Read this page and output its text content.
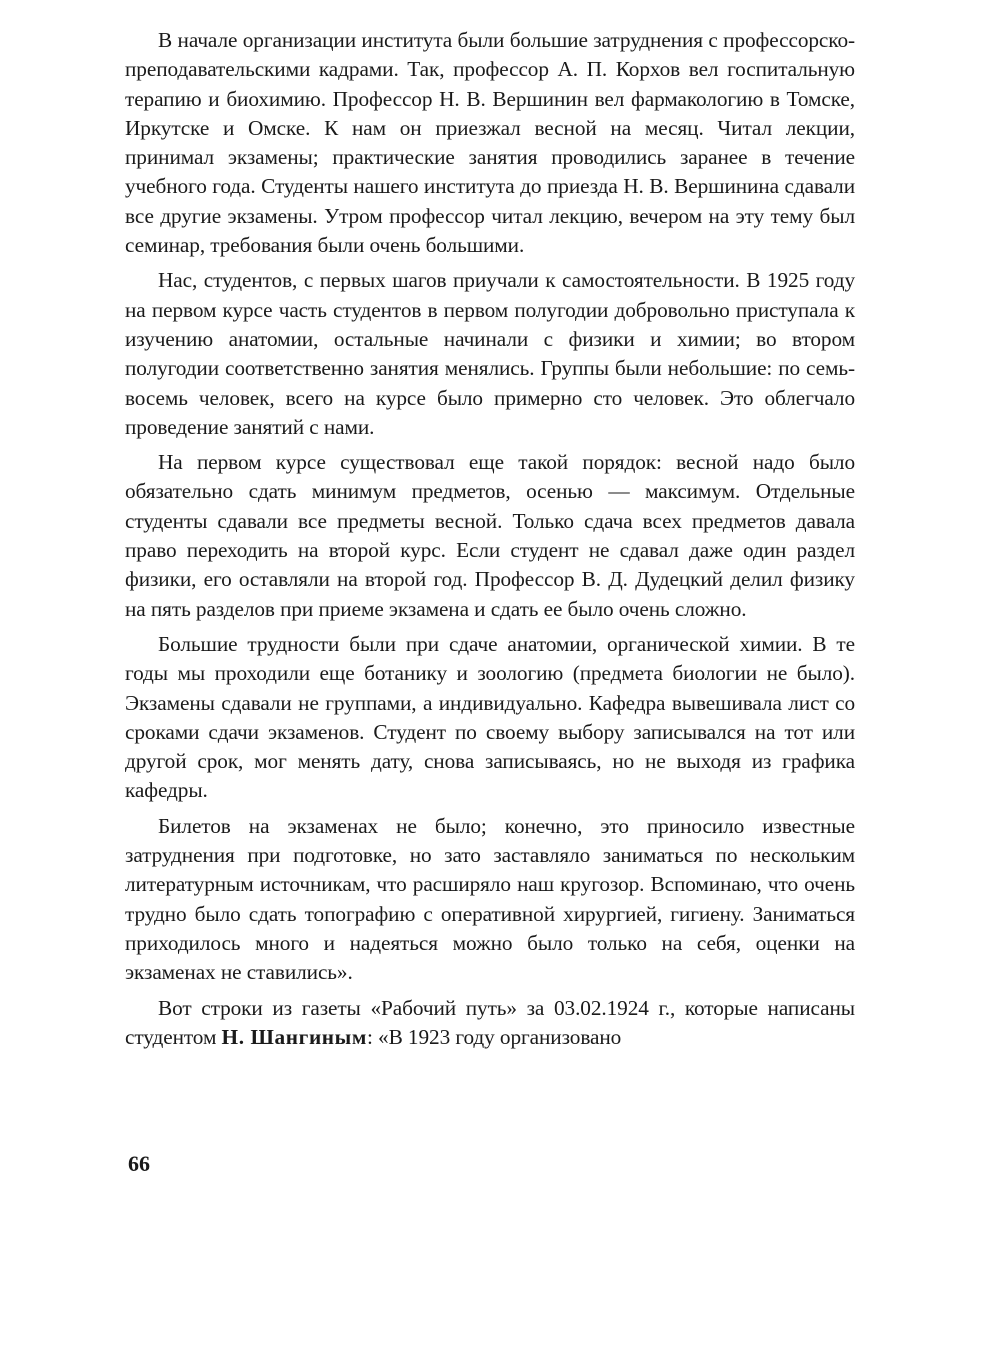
В начале организации института были большие затруднения с профессорско-преподавательскими кадрами. Так, профессор А. П. Корхов вел госпитальную терапию и биохимию. Профессор Н. В. Вершинин вел фармакологию в Томске, Иркутске и Омске. К нам он приезжал весной на месяц. Читал лекции, принимал экзамены; практические занятия проводились заранее в течение учебного года. Студенты нашего института до приезда Н. В. Вершинина сдавали все другие экзамены. Утром профессор читал лекцию, вечером на эту тему был семинар, требования были очень большими.

Нас, студентов, с первых шагов приучали к самостоятельности. В 1925 году на первом курсе часть студентов в первом полугодии добровольно приступала к изучению анатомии, остальные начинали с физики и химии; во втором полугодии соответственно занятия менялись. Группы были небольшие: по семь-восемь человек, всего на курсе было примерно сто человек. Это облегчало проведение занятий с нами.

На первом курсе существовал еще такой порядок: весной надо было обязательно сдать минимум предметов, осенью — максимум. Отдельные студенты сдавали все предметы весной. Только сдача всех предметов давала право переходить на второй курс. Если студент не сдавал даже один раздел физики, его оставляли на второй год. Профессор В. Д. Дудецкий делил физику на пять разделов при приеме экзамена и сдать ее было очень сложно.

Большие трудности были при сдаче анатомии, органической химии. В те годы мы проходили еще ботанику и зоологию (предмета биологии не было). Экзамены сдавали не группами, а индивидуально. Кафедра вывешивала лист со сроками сдачи экзаменов. Студент по своему выбору записывался на тот или другой срок, мог менять дату, снова записываясь, но не выходя из графика кафедры.

Билетов на экзаменах не было; конечно, это приносило известные затруднения при подготовке, но зато заставляло заниматься по нескольким литературным источникам, что расширяло наш кругозор. Вспоминаю, что очень трудно было сдать топографию с оперативной хирургией, гигиену. Заниматься приходилось много и надеяться можно было только на себя, оценки на экзаменах не ставились».

Вот строки из газеты «Рабочий путь» за 03.02.1924 г., которые написаны студентом Н. Шангиным: «В 1923 году организовано

66
